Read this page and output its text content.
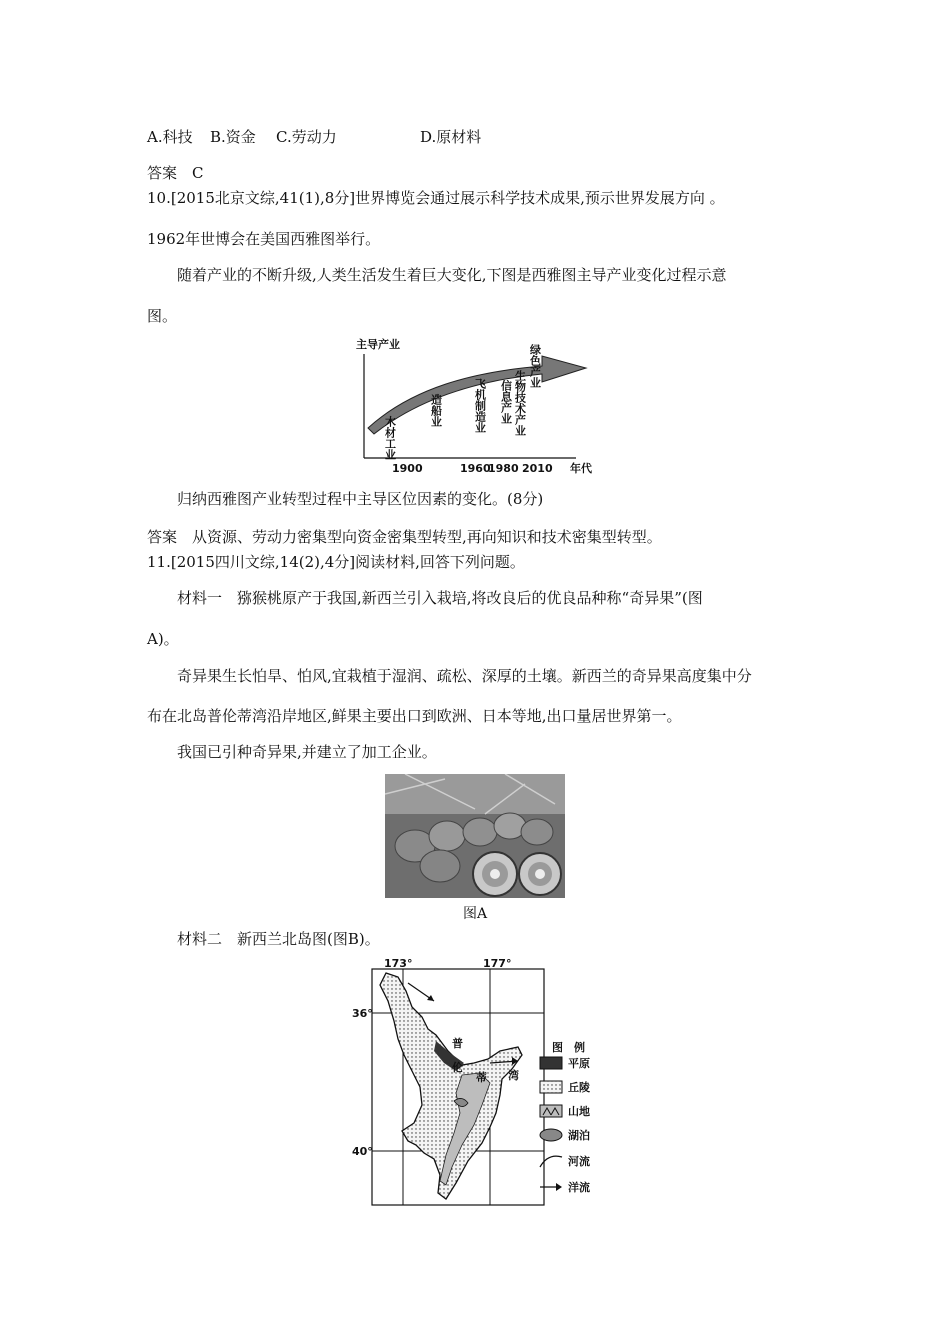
A.科技 B.资金 C.劳动力	D.原材料
答案　C
10.[2015北京文综,41(1),8分]世界博览会通过展示科学技术成果,预示世界发展方向 。
1962年世博会在美国西雅图举行。
随着产业的不断升级,人类生活发生着巨大变化,下图是西雅图主导产业变化过程示意
图。
主导产业
木材工业
造船业	飞机制造业 信息产业 生物技术产业
绿色产业
1900	1960
1980 2010 年代
归纳西雅图产业转型过程中主导区位因素的变化。(8分)
答案　从资源、劳动力密集型向资金密集型转型,再向知识和技术密集型转型。
11.[2015四川文综,14(2),4分]阅读材料,回答下列问题。
材料一　猕猴桃原产于我国,新西兰引入栽培,将改良后的优良品种称“奇异果”(图
A)。
奇异果生长怕旱、怕风,宜栽植于湿润、疏松、深厚的土壤。新西兰的奇异果高度集中分
布在北岛普伦蒂湾沿岸地区,鲜果主要出口到欧洲、日本等地,出口量居世界第一。
我国已引种奇异果,并建立了加工企业。
图A
材料二　新西兰北岛图(图B)。
173°	177°
36°
40°
普
伦
蒂 湾
图　例
平原
丘陵
山地
湖泊
河流
洋流
